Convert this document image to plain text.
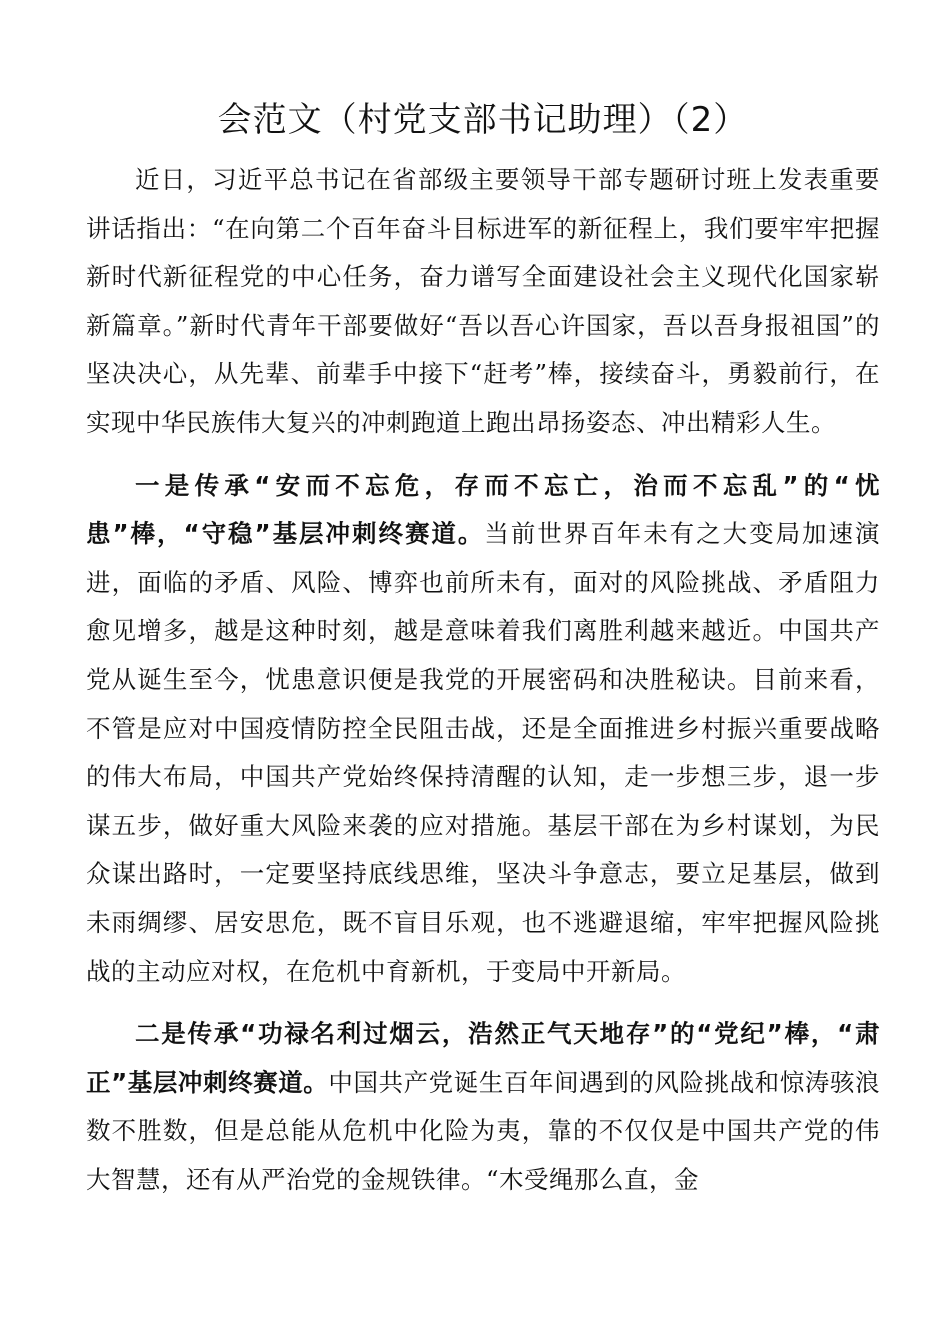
会范文（村党支部书记助理）（2）

近日，习近平总书记在省部级主要领导干部专题研讨班上发表重要讲话指出：“在向第二个百年奋斗目标进军的新征程上，我们要牢牢把握新时代新征程党的中心任务，奋力谱写全面建设社会主义现代化国家崭新篇章。”新时代青年干部要做好“吾以吾心许国家，吾以吾身报祖国”的坚决决心，从先辈、前辈手中接下“赶考”棒，接续奋斗，勇毅前行，在实现中华民族伟大复兴的冲刺跑道上跑出昂扬姿态、冲出精彩人生。

一是传承“安而不忘危，存而不忘亡，治而不忘乱”的“忧患”棒，“守稳”基层冲刺终赛道。当前世界百年未有之大变局加速演进，面临的矛盾、风险、博弈也前所未有，面对的风险挑战、矛盾阻力愈见增多，越是这种时刻，越是意味着我们离胜利越来越近。中国共产党从诞生至今，忧患意识便是我党的开展密码和决胜秘诀。目前来看，不管是应对中国疫情防控全民阻击战，还是全面推进乡村振兴重要战略的伟大布局，中国共产党始终保持清醒的认知，走一步想三步，退一步谋五步，做好重大风险来袭的应对措施。基层干部在为乡村谋划，为民众谋出路时，一定要坚持底线思维，坚决斗争意志，要立足基层，做到未雨绸缪、居安思危，既不盲目乐观，也不逃避退缩，牢牢把握风险挑战的主动应对权，在危机中育新机，于变局中开新局。

二是传承“功禄名利过烟云，浩然正气天地存”的“党纪”棒，“肃正”基层冲刺终赛道。中国共产党诞生百年间遇到的风险挑战和惊涛骇浪数不胜数，但是总能从危机中化险为夷，靠的不仅仅是中国共产党的伟大智慧，还有从严治党的金规铁律。“木受绳那么直，金
